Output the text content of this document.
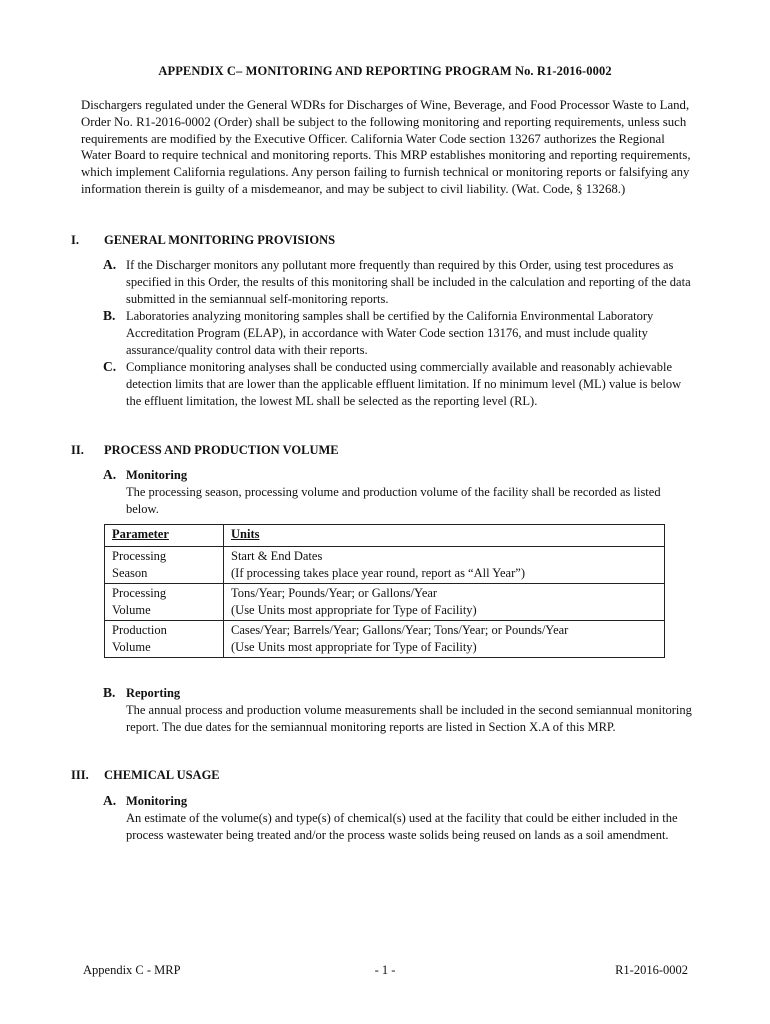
APPENDIX C– MONITORING AND REPORTING PROGRAM No. R1-2016-0002
Dischargers regulated under the General WDRs for Discharges of Wine, Beverage, and Food Processor Waste to Land, Order No. R1-2016-0002 (Order) shall be subject to the following monitoring and reporting requirements, unless such requirements are modified by the Executive Officer. California Water Code section 13267 authorizes the Regional Water Board to require technical and monitoring reports. This MRP establishes monitoring and reporting requirements, which implement California regulations. Any person failing to furnish technical or monitoring reports or falsifying any information therein is guilty of a misdemeanor, and may be subject to civil liability. (Wat. Code, § 13268.)
I. GENERAL MONITORING PROVISIONS
A. If the Discharger monitors any pollutant more frequently than required by this Order, using test procedures as specified in this Order, the results of this monitoring shall be included in the calculation and reporting of the data submitted in the semiannual self-monitoring reports.
B. Laboratories analyzing monitoring samples shall be certified by the California Environmental Laboratory Accreditation Program (ELAP), in accordance with Water Code section 13176, and must include quality assurance/quality control data with their reports.
C. Compliance monitoring analyses shall be conducted using commercially available and reasonably achievable detection limits that are lower than the applicable effluent limitation. If no minimum level (ML) value is below the effluent limitation, the lowest ML shall be selected as the reporting level (RL).
II. PROCESS AND PRODUCTION VOLUME
A. Monitoring
The processing season, processing volume and production volume of the facility shall be recorded as listed below.
Parameter	Units
Processing
Season	Start & End Dates
(If processing takes place year round, report as “All Year”)
Processing
Volume	Tons/Year; Pounds/Year; or Gallons/Year
(Use Units most appropriate for Type of Facility)
Production
Volume	Cases/Year; Barrels/Year; Gallons/Year; Tons/Year; or Pounds/Year
(Use Units most appropriate for Type of Facility)
B. Reporting
The annual process and production volume measurements shall be included in the second semiannual monitoring report. The due dates for the semiannual monitoring reports are listed in Section X.A of this MRP.
III. CHEMICAL USAGE
A. Monitoring
An estimate of the volume(s) and type(s) of chemical(s) used at the facility that could be either included in the process wastewater being treated and/or the process waste solids being reused on lands as a soil amendment.
Appendix C - MRP	- 1 -	R1-2016-0002
